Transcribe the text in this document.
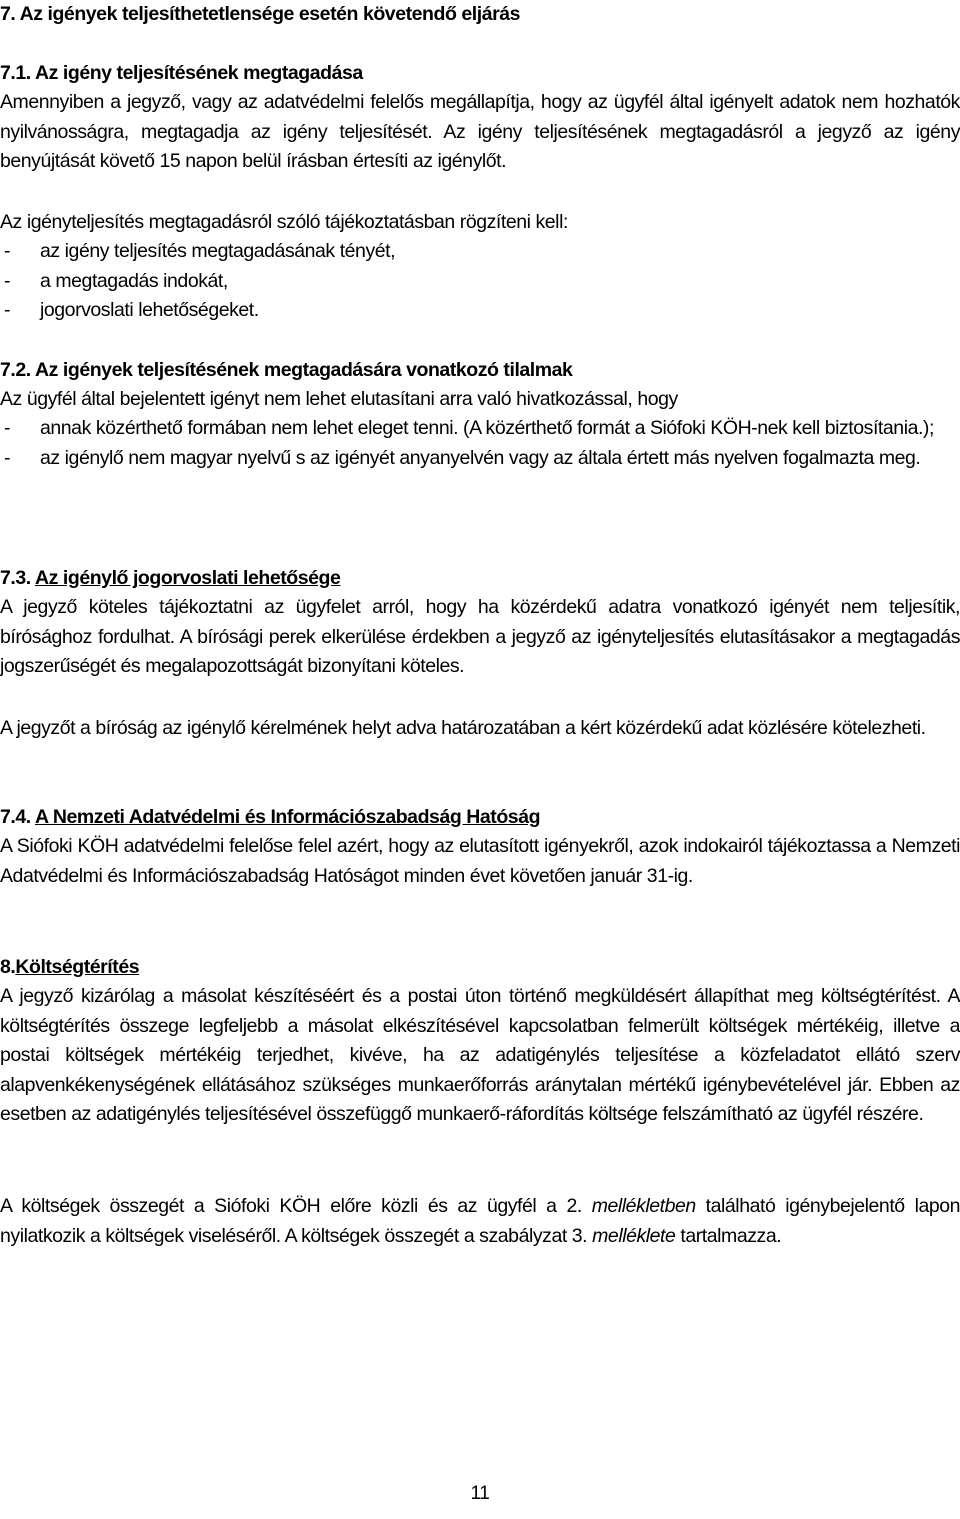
7. Az igények teljesíthetetlensége esetén követendő eljárás
7.1. Az igény teljesítésének megtagadása
Amennyiben a jegyző, vagy az adatvédelmi felelős megállapítja, hogy az ügyfél által igényelt adatok nem hozhatók nyilvánosságra, megtagadja az igény teljesítését. Az igény teljesítésének megtagadásról a jegyző az igény benyújtását követő 15 napon belül írásban értesíti az igénylőt.
Az igényteljesítés megtagadásról szóló tájékoztatásban rögzíteni kell:
- az igény teljesítés megtagadásának tényét,
- a megtagadás indokát,
- jogorvoslati lehetőségeket.
7.2. Az igények teljesítésének megtagadására vonatkozó tilalmak
Az ügyfél által bejelentett igényt nem lehet elutasítani arra való hivatkozással, hogy
- annak közérthető formában nem lehet eleget tenni. (A közérthető formát a Siófoki KÖH-nek kell biztosítania.);
- az igénylő nem magyar nyelvű s az igényét anyanyelvén vagy az általa értett más nyelven fogalmazta meg.
7.3. Az igénylő jogorvoslati lehetősége
A jegyző köteles tájékoztatni az ügyfelet arról, hogy ha közérdekű adatra vonatkozó igényét nem teljesítik, bírósághoz fordulhat. A bírósági perek elkerülése érdekben a jegyző az igényteljesítés elutasításakor a megtagadás jogszerűségét és megalapozottságát bizonyítani köteles.
A jegyzőt a bíróság az igénylő kérelmének helyt adva határozatában a kért közérdekű adat közlésére kötelezheti.
7.4. A Nemzeti Adatvédelmi és Információszabadság Hatóság
A Siófoki KÖH adatvédelmi felelőse felel azért, hogy az elutasított igényekről, azok indokairól tájékoztassa a Nemzeti Adatvédelmi és Információszabadság Hatóságot minden évet követően január 31-ig.
8.Költségtérítés
A jegyző kizárólag a másolat készítéséért és a postai úton történő megküldésért állapíthat meg költségtérítést. A költségtérítés összege legfeljebb a másolat elkészítésével kapcsolatban felmerült költségek mértékéig, illetve a postai költségek mértékéig terjedhet, kivéve, ha az adatigénylés teljesítése a közfeladatot ellátó szerv alapvenkékenységének ellátásához szükséges munkaerőforrás aránytalan mértékű igénybevételével jár. Ebben az esetben az adatigénylés teljesítésével összefüggő munkaerő-ráfordítás költsége felszámítható az ügyfél részére.
A költségek összegét a Siófoki KÖH előre közli és az ügyfél a 2. mellékletben található igénybejelentő lapon nyilatkozik a költségek viseléséről. A költségek összegét a szabályzat 3. melléklete tartalmazza.
11
